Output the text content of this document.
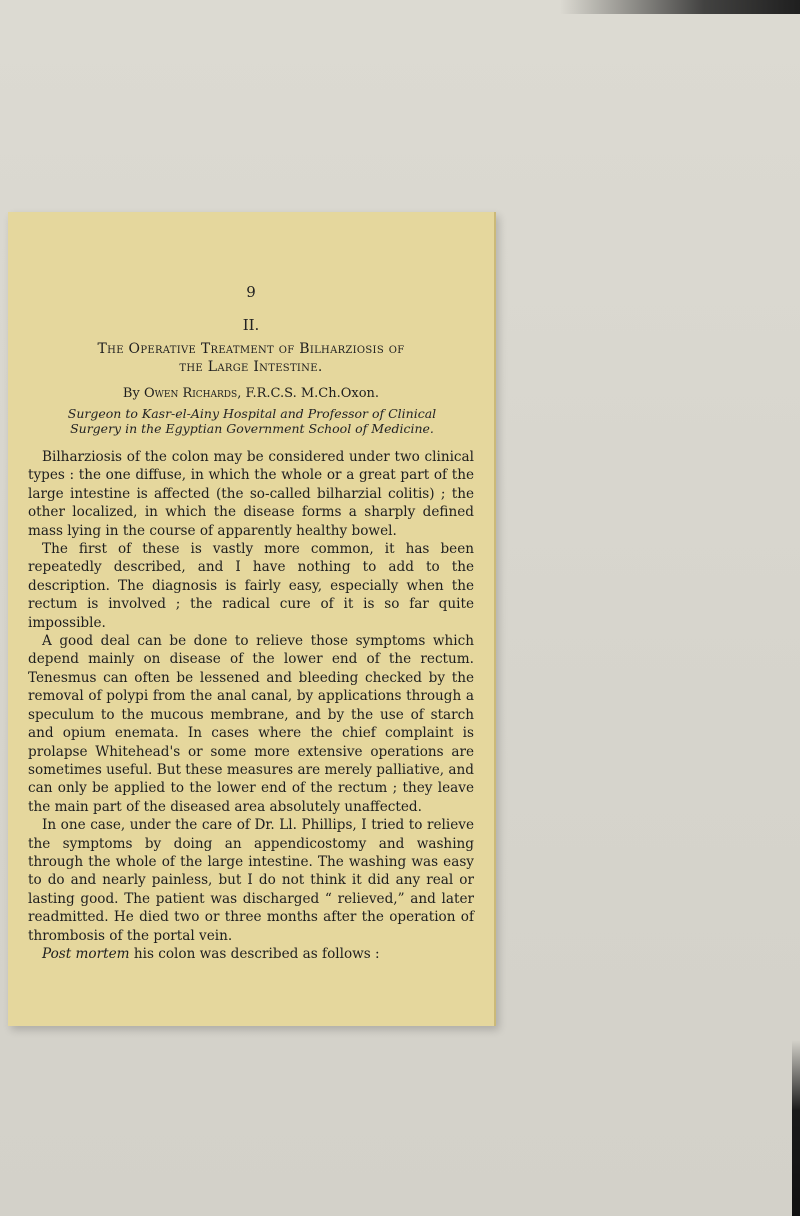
9
II.
The Operative Treatment of Bilharziosis of
the Large Intestine.
By Owen Richards, F.R.C.S. M.Ch.Oxon.
Surgeon to Kasr-el-Ainy Hospital and Professor of Clinical
Surgery in the Egyptian Government School of Medicine.

Bilharziosis of the colon may be considered under two clinical types : the one diffuse, in which the whole or a great part of the large intestine is affected (the so-called bilharzial colitis) ; the other localized, in which the disease forms a sharply defined mass lying in the course of apparently healthy bowel.

The first of these is vastly more common, it has been repeatedly described, and I have nothing to add to the description. The diagnosis is fairly easy, especially when the rectum is involved ; the radical cure of it is so far quite impossible.

A good deal can be done to relieve those symptoms which depend mainly on disease of the lower end of the rectum. Tenesmus can often be lessened and bleeding checked by the removal of polypi from the anal canal, by applications through a speculum to the mucous membrane, and by the use of starch and opium enemata. In cases where the chief complaint is prolapse Whitehead's or some more extensive operations are sometimes useful. But these measures are merely palliative, and can only be applied to the lower end of the rectum ; they leave the main part of the diseased area absolutely unaffected.

In one case, under the care of Dr. Ll. Phillips, I tried to relieve the symptoms by doing an appendicostomy and washing through the whole of the large intestine. The washing was easy to do and nearly painless, but I do not think it did any real or lasting good. The patient was discharged “ relieved,” and later readmitted. He died two or three months after the operation of thrombosis of the portal vein.

Post mortem his colon was described as follows :
